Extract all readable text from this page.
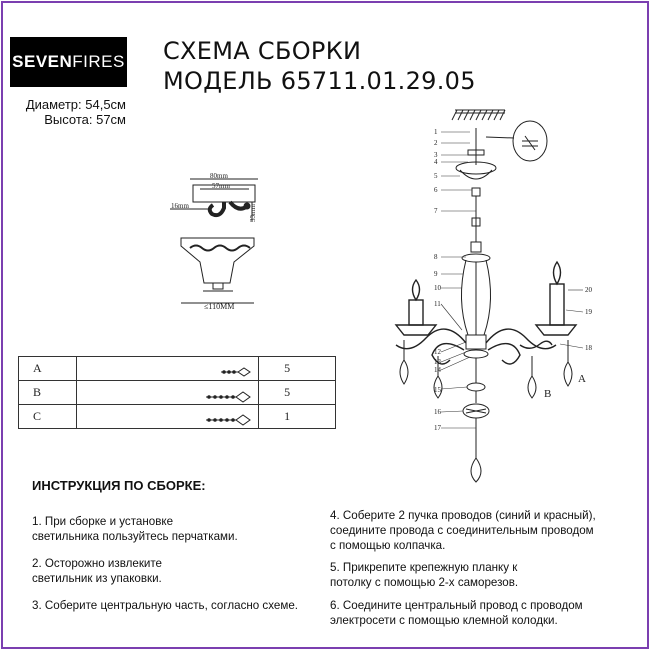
SEVENFIRES СХЕМА СБОРКИ
МОДЕЛЬ 65711.01.29.05
Диаметр: 54,5см
Высота: 57см
80mm
57mm
16mm	33mm
≤110MM
1
2
3
4
5
6
7
8
9
10
11
12
13
14
15
16
17
18
19
20
A
B
A		5
B		5
C		1
ИНСТРУКЦИЯ ПО СБОРКЕ:
1. При сборке и установке
светильника пользуйтесь перчатками.
2. Осторожно извлеките
светильник из упаковки.
3. Соберите центральную часть, согласно схеме.
4. Соберите 2 пучка проводов (синий и красный),
соедините провода с соединительным проводом
с помощью колпачка.
5. Прикрепите крепежную планку к
потолку с помощью 2-х саморезов.
6. Соедините центральный провод с проводом
электросети с помощью клемной колодки.
